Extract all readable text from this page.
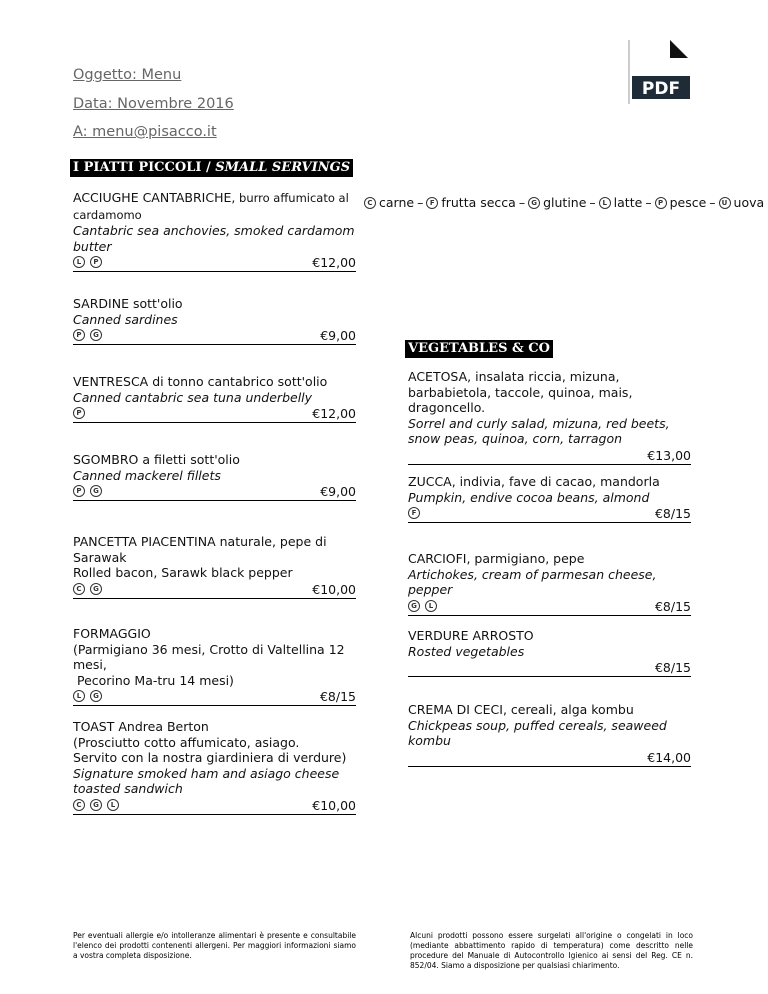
Oggetto: Menu
Data: Novembre 2016
A: menu@pisacco.it
PDF
I PIATTI PICCOLI / SMALL SERVINGS
C carne – F frutta secca – G glutine – L latte – P pesce – U uova
ACCIUGHE CANTABRICHE, burro affumicato al cardamomo
Cantabric sea anchovies, smoked cardamom butter
L	P	€12,00
SARDINE sott'olio
Canned sardines
P	G	€9,00
VENTRESCA di tonno cantabrico sott'olio
Canned cantabric sea tuna underbelly
P	€12,00
SGOMBRO a filetti sott'olio
Canned mackerel fillets
P	G	€9,00
PANCETTA PIACENTINA naturale, pepe di Sarawak
Rolled bacon, Sarawk black pepper
C	G	€10,00
FORMAGGIO
(Parmigiano 36 mesi, Crotto di Valtellina 12 mesi,
Pecorino Ma-tru 14 mesi)
L	G	€8/15
TOAST Andrea Berton
(Prosciutto cotto affumicato, asiago.
Servito con la nostra giardiniera di verdure)
Signature smoked ham and asiago cheese toasted sandwich
C	G	L	€10,00
VEGETABLES & CO
ACETOSA, insalata riccia, mizuna, barbabietola, taccole, quinoa, mais, dragoncello.
Sorrel and curly salad, mizuna, red beets, snow peas, quinoa, corn, tarragon
€13,00
ZUCCA, indivia, fave di cacao, mandorla
Pumpkin, endive cocoa beans, almond
F	€8/15
CARCIOFI, parmigiano, pepe
Artichokes, cream of parmesan cheese, pepper
G	L	€8/15
VERDURE ARROSTO
Rosted vegetables
€8/15
CREMA DI CECI, cereali, alga kombu
Chickpeas soup, puffed cereals, seaweed kombu
€14,00
Per eventuali allergie e/o intolleranze alimentari è presente e consultabile l'elenco dei prodotti contenenti allergeni. Per maggiori informazioni siamo a vostra completa disposizione.
Alcuni prodotti possono essere surgelati all'origine o congelati in loco (mediante abbattimento rapido di temperatura) come descritto nelle procedure del Manuale di Autocontrollo Igienico ai sensi del Reg. CE n. 852/04. Siamo a disposizione per qualsiasi chiarimento.
